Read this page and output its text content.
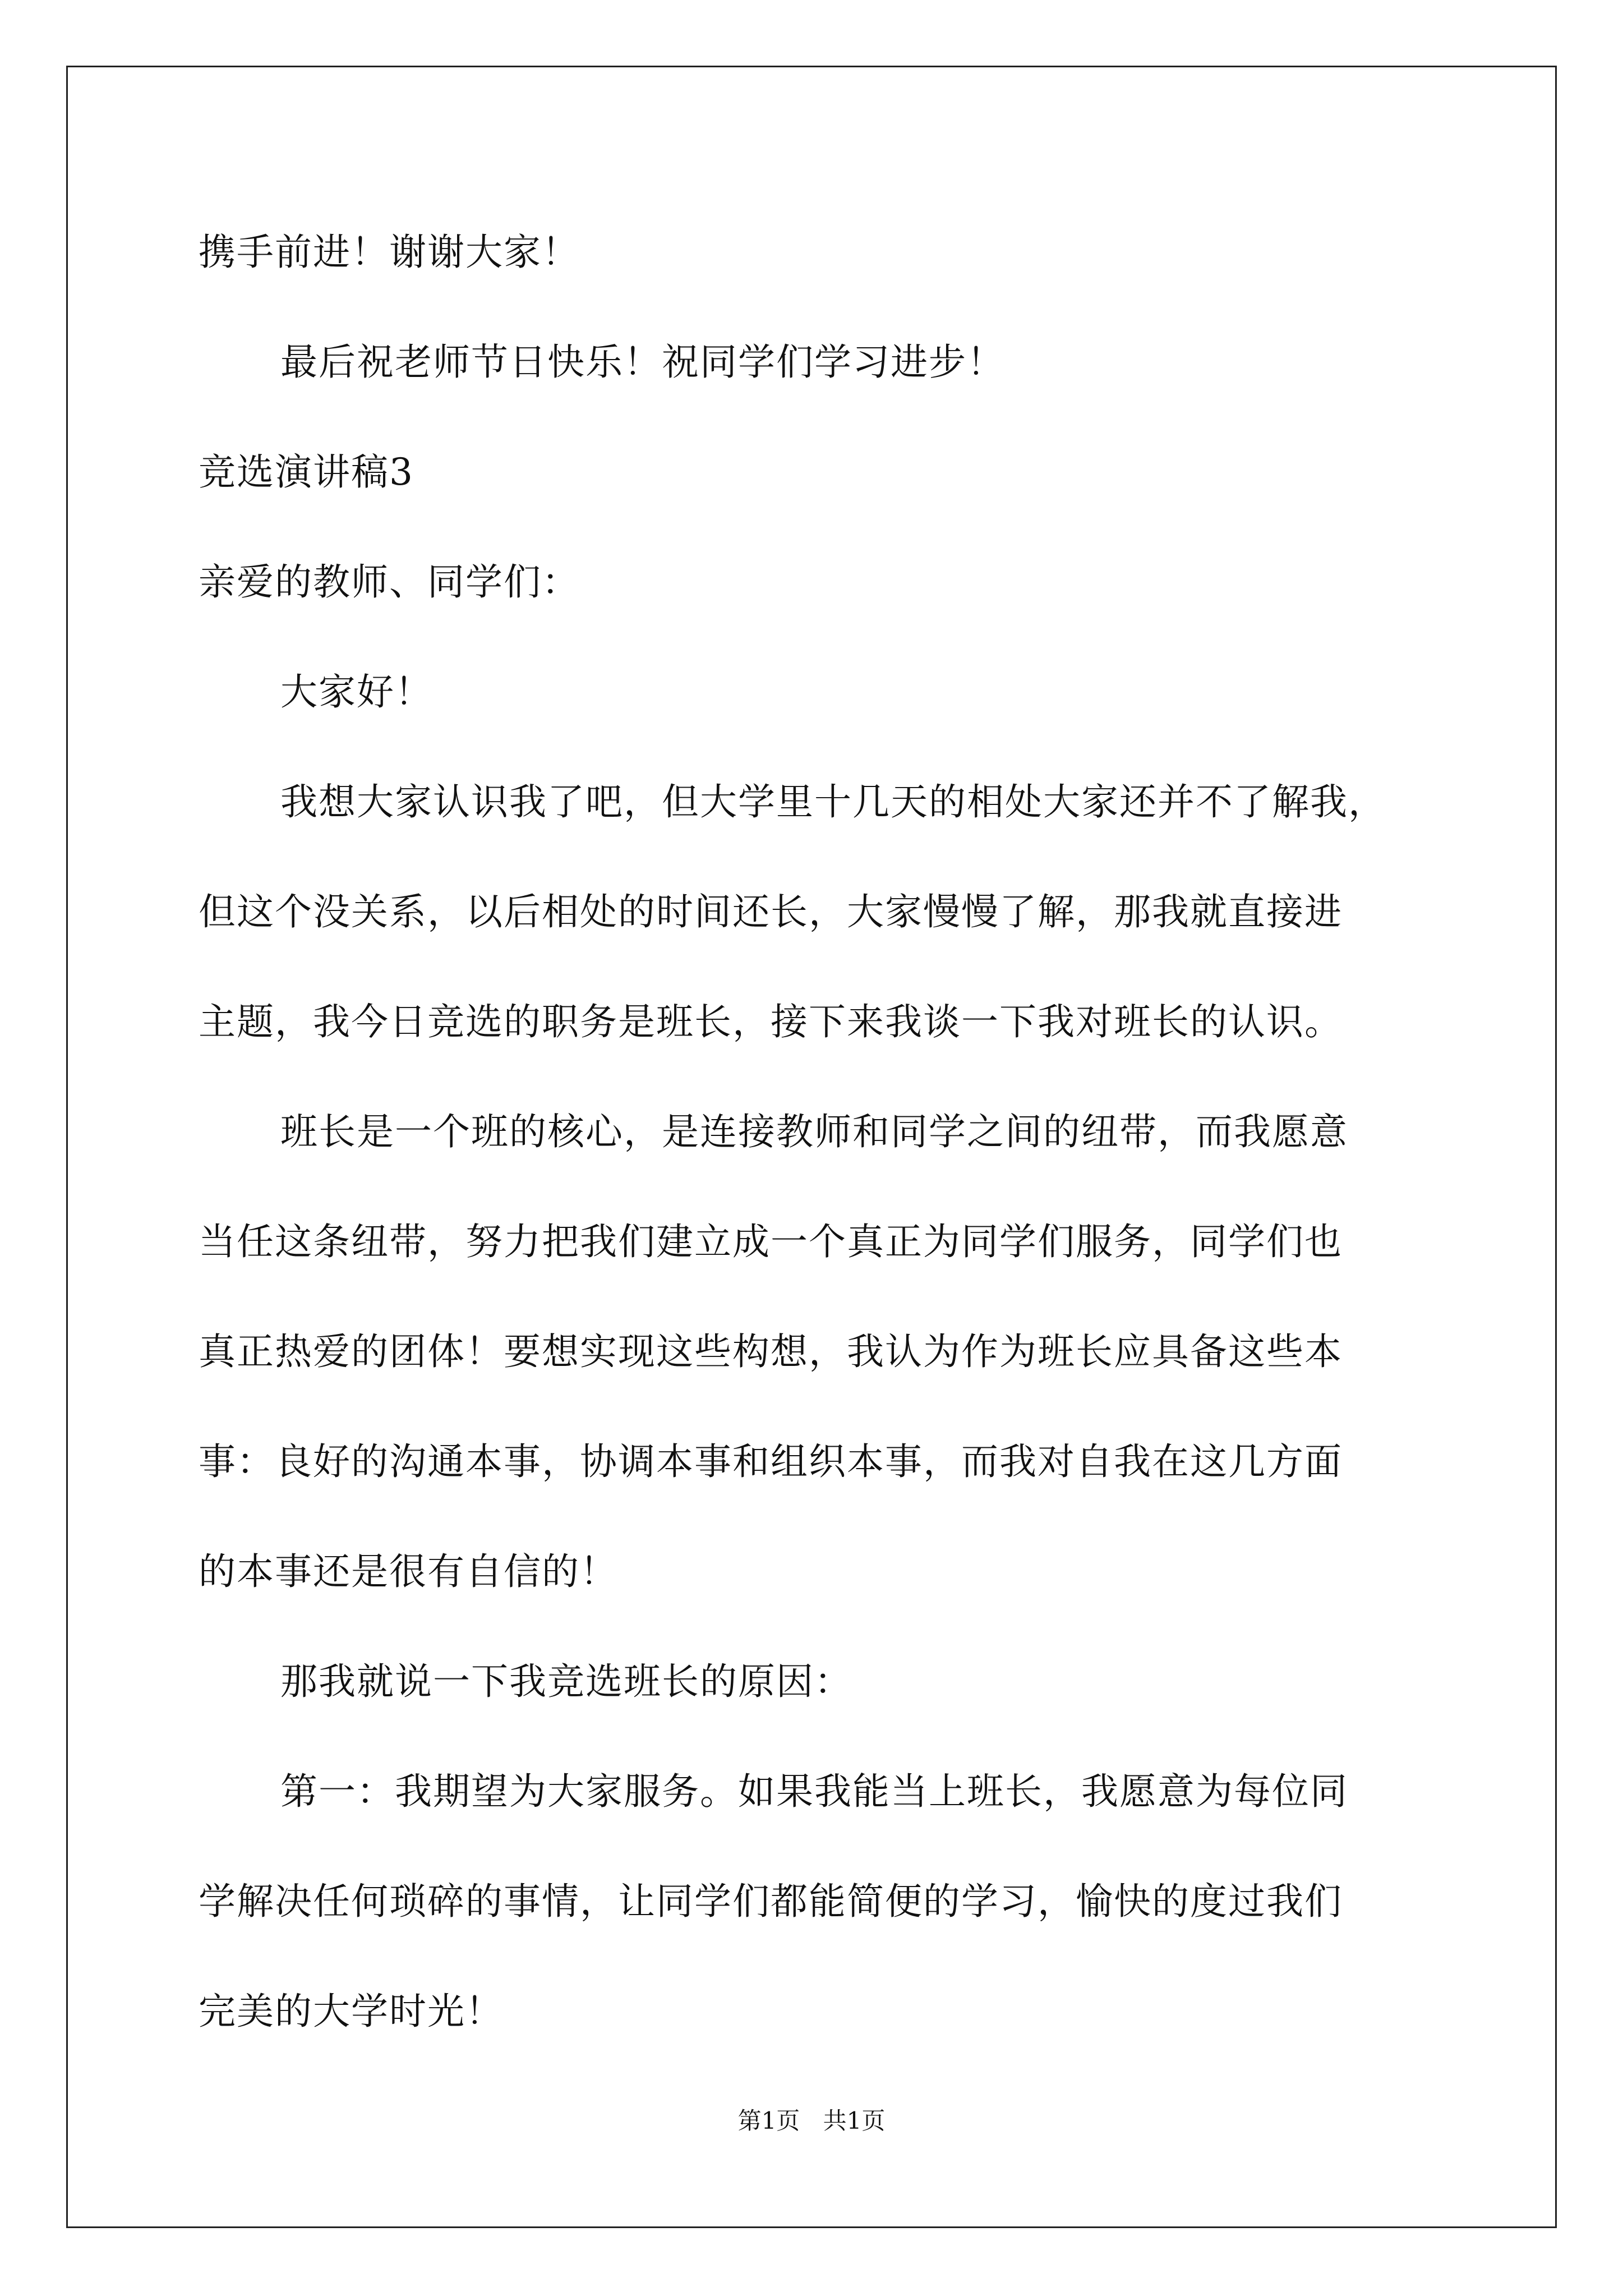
携手前进！谢谢大家！
最后祝老师节日快乐！祝同学们学习进步！
竞选演讲稿3
亲爱的教师、同学们：
大家好！
我想大家认识我了吧，但大学里十几天的相处大家还并不了解我，
但这个没关系，以后相处的时间还长，大家慢慢了解，那我就直接进
主题，我今日竞选的职务是班长，接下来我谈一下我对班长的认识。
班长是一个班的核心，是连接教师和同学之间的纽带，而我愿意
当任这条纽带，努力把我们建立成一个真正为同学们服务，同学们也
真正热爱的团体！要想实现这些构想，我认为作为班长应具备这些本
事：良好的沟通本事，协调本事和组织本事，而我对自我在这几方面
的本事还是很有自信的！
那我就说一下我竞选班长的原因：
第一：我期望为大家服务。如果我能当上班长，我愿意为每位同
学解决任何琐碎的事情，让同学们都能简便的学习，愉快的度过我们
完美的大学时光！
第1页 共1页
